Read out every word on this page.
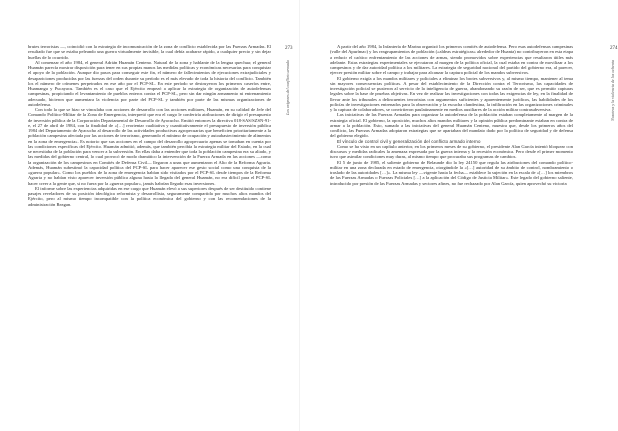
brutes terroristas —, coincidió con la estrategia de incomunicación de la zona de conflicto establecida por las Fuerzas Armadas. El resultado fue que se estaba peleando una guerra virtualmente invisible, la cual debía acabarse rápido, a cualquier precio y sin dejar huellas de lo ocurrido.

Al comenzar el año 1984, el general Adrián Huamán Centeno. Natural de la zona y hablante de la lengua quechua; el general Huamán parecía mostrar disposición para tener en sus propias manos las medidas políticas y económicas necesarias para conquistar el apoyo de la población. Aunque dio pasos para conseguir este fin, el número de fallecimientos de ejecuciones extrajudiciales y desapariciones producidas por las fuerzas del orden durante su período es el más elevado de toda la historia del conflicto. También los el número de crímenes perpetrados en ese año por el PCP-SL. En este período se destruyeron los primeros caseríos entre, Huamanga y Pucayacu. También es el caso que el Ejército empezó a aplicar la estrategia de organización de autodefensas campesinas, propiciando el levantamiento de pueblos enteros contra el PCP-SL, pero sin dar ningún armamento ni entrenamiento adecuado, hicieron que aumentara la violencia por parte del PCP-SL y también por parte de las mismas organizaciones de autodefensa.

Con todo la que se hizo se vinculaba con acciones de desarrollo con las acciones militares, Huamán, en su calidad de Jefe del Comando Político-Militar de la Zona de Emergencia, interpretó que era el cargo le conferiría atribuciones de dirigir el presupuesto de inversión pública de la Corporación Departamental de Desarrollo de Ayacucho. Emitió entonces la directiva 018-SAS/SZSN-91-e, el 27 de abril de 1984, con la finalidad de «[…] reorientar cualitativa y cuantitativamente el presupuesto de inversión pública 1984 del Departamento de Ayacucho al desarrollo de las actividades productivas agropecuarias que beneficien prioritariamente a la población campesina afectada por las acciones de terrorismo, generando el mínimo de ocupación y autoabastecimiento de alimentos en la zona de emergencia». Es notorio que sus acciones en el campo del desarrollo agropecuario apenas se tomaban en cuenta por las condiciones específicas del Ejército. Huamán admitió, además, que también percibía la estrategia militar del Estado, en la cual se necesitaba de la población para vencer a la subversión. En ellas daba a entender que toda la población campesina era su aliado, y las medidas del gobierno central, lo cual provocó de modo dramático la intervención de la Fuerza Armada en las acciones —como la organización de los campesinos en Comités de Defensa Civil— llegaron a unas que aumentaron el Alto de la Reforma Agraria. Además, Huamán subestimó la capacidad política del PCP-SL para hacer aparecer ese gesto social como una conquista de la «guerra popular». Como los pueblos de la zona de emergencia habían sido visitados por el PCP-SL desde tiempos de la Reforma Agraria y no habían visto aparecer inversión pública alguna hasta la llegada del general Huamán, no era difícil para el PCP-SL hacer creer a la gente que, si no fuera por la «guerra popular», jamás habrían llegado esas inversiones.

El informe sobre las experiencias adquiridas en ese cargo que Huamán elevó a sus superiores después de ser destituido contiene pasajes reveladores de su posición ideológica reformista y desarrollista, seguramente compartida por muchos altos mandos del Ejército, pero al mismo tiempo incompatible con la política económica del gobierno y con las recomendaciones de la administración Reagan.

273
Los orígenes del conflicto armado

A partir del año 1984, la Infantería de Marina organizó los primeros comités de autodefensa. Pero esas autodefensas campesinas (valle del Apurímac) y los reagrupamientos de población («aldeas estratégicas» alrededor de Huanta) no contribuyeron en esta etapa a reducir el caótico enfrentamiento de las acciones de armas, siendo promovidos sobre experiencias que resultaron útiles más adelante. Estas estrategias experimentales se ejecutaron al margen de la política oficial, la cual estaba en contra de movilizar a los campesinos y de dar autoridad política a los militares. La estrategia de seguridad nacional del partido del gobierno era, al parecer, ejercer presión militar sobre el campo y trabajar para alcanzar la captura policial de los mandos subversivos.

El gobierno exigía a los mandos militares y policiales a eliminar los brotes subversivos y, al mismo tiempo, mantener al tema sin mayores consecuencias políticas. A pesar del establecimiento de la Dirección contra el Terrorismo, las capacidades de investigación policial se pusieron al servicio de la inteligencia de guerra, abandonando su razón de ser, que es permitir capturas legales sobre la base de pruebas objetivas. En vez de realizar las investigaciones con todas las exigencias de ley, en la finalidad de llevar ante los tribunales a delincuentes terroristas con argumentos suficientes y aparentemente jurídicos, las habilidades de los policías de investigaciones entrenados para la observación y la escucha clandestina, la infiltración en las organizaciones criminales y la captura de colaboradores, se convirtieron paulatinamente en medios auxiliares de la acción militar contrasubversiva.

Las iniciativas de las Fuerzas Armadas para organizar la autodefensa de la población estaban completamente al margen de la estrategia oficial. El gobierno, la oposición, muchos altos mandos militares y la opinión pública predominante estaban en contra de armar a la población. Esto, sumado a las iniciativas del general Huamán Centeno, muestra que, desde los primeros años del conflicto, las Fuerzas Armadas adoptaron estrategias que se apartaban del mandato dado por la política de seguridad y de defensa del gobierno elegido.

El vínculo de control civil y generalización del conflicto armado interno

Como se ha visto en un capítulo anterior, en los primeros meses de su gobierno, el presidente Alan García intentó bloquear con discursos y medidas radicales la amenaza expresada por la guerra interna y la recesión económica. Pero desde el primer momento tuvo que asimilar condiciones muy duras, al mismo tiempo que procuraba sus programas de cambios.

El 5 de junio de 1985, el saliente gobierno de Belaunde dio la ley 24150 que regula las atribuciones del comando político-militar en una zona declarada en estado de emergencia, otorgándole la «[…] autoridad de su ámbito de control, nombramiento o traslado de las autoridades […]». La misma ley —vigente hasta la fecha— establece la sujeción en la escala de «[…] los miembros de las Fuerzas Armadas o Fuerzas Policiales […] a la aplicación del Código de Justicia Militar». Este legado del gobierno saliente, introducido por presión de las Fuerzas Armadas y sectores afines, no fue rechazado por Alan García, quien aprovechó su victoria

274
Nosotros y la violencia de los ochenta
